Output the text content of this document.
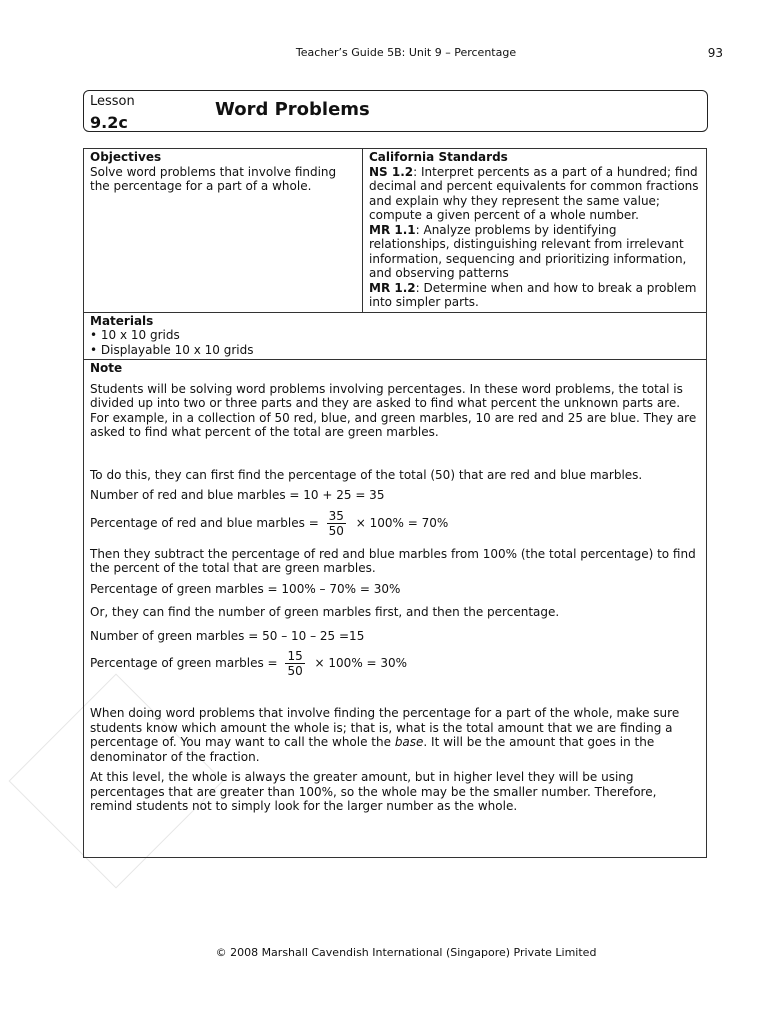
Teacher’s Guide 5B: Unit 9 – Percentage	93
Lesson
9.2c
Word Problems
Objectives
Solve word problems that involve finding the percentage for a part of a whole.

California Standards
NS 1.2: Interpret percents as a part of a hundred; find decimal and percent equivalents for common fractions and explain why they represent the same value; compute a given percent of a whole number.
MR 1.1: Analyze problems by identifying relationships, distinguishing relevant from irrelevant information, sequencing and prioritizing information, and observing patterns
MR 1.2: Determine when and how to break a problem into simpler parts.

Materials
• 10 x 10 grids
• Displayable 10 x 10 grids

Note

Students will be solving word problems involving percentages. In these word problems, the total is divided up into two or three parts and they are asked to find what percent the unknown parts are. For example, in a collection of 50 red, blue, and green marbles, 10 are red and 25 are blue. They are asked to find what percent of the total are green marbles.

To do this, they can first find the percentage of the total (50) that are red and blue marbles.

Number of red and blue marbles = 10 + 25 = 35

Percentage of red and blue marbles = $\frac{35}{50} \times 100\% = 70\%$

Then they subtract the percentage of red and blue marbles from 100% (the total percentage) to find the percent of the total that are green marbles.

Percentage of green marbles = 100% – 70% = 30%

Or, they can find the number of green marbles first, and then the percentage.

Number of green marbles = 50 – 10 – 25 =15

Percentage of green marbles = $\frac{15}{50} \times 100\% = 30\%$

When doing word problems that involve finding the percentage for a part of the whole, make sure students know which amount the whole is; that is, what is the total amount that we are finding a percentage of. You may want to call the whole the base. It will be the amount that goes in the denominator of the fraction.

At this level, the whole is always the greater amount, but in higher level they will be using percentages that are greater than 100%, so the whole may be the smaller number. Therefore, remind students not to simply look for the larger number as the whole.

© 2008 Marshall Cavendish International (Singapore) Private Limited
